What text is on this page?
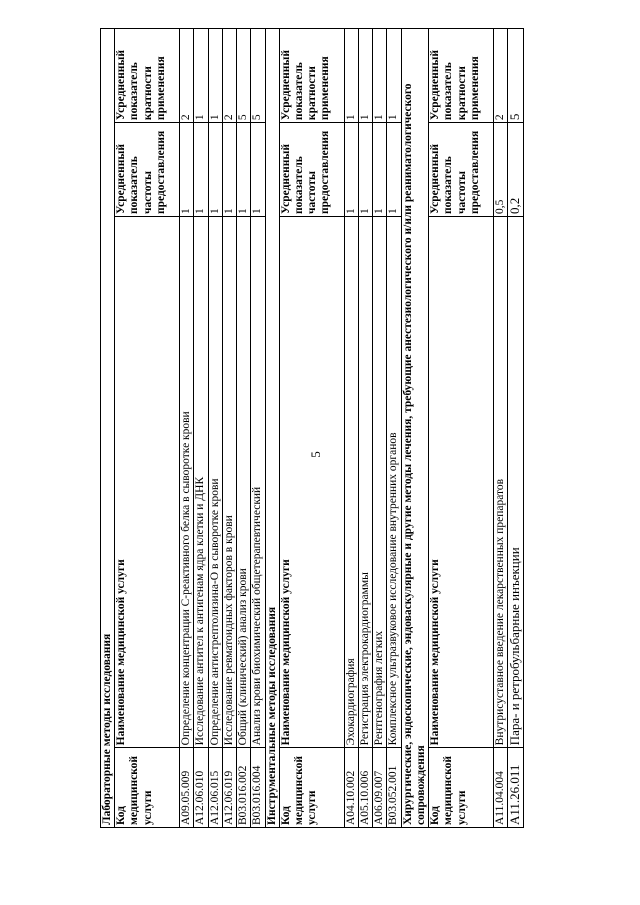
5
Лабораторные методы исследования			
Код медицинской услуги	Наименование медицинской услуги	Усредненный показатель частоты предоставления	Усредненный показатель кратности применения
A09.05.009	Определение концентрации C-реактивного белка в сыворотке крови	1	2
A12.06.010	Исследование антител к антигенам ядра клетки и ДНК	1	1
A12.06.015	Определение антистрептолизина-O в сыворотке крови	1	1
A12.06.019	Исследование ревматоидных факторов в крови	1	2
B03.016.002	Общий (клинический) анализ крови	1	5
B03.016.004	Анализ крови биохимический общетерапевтический	1	5
Инструментальные методы исследования			
Код медицинской услуги	Наименование медицинской услуги	Усредненный показатель частоты предоставления	Усредненный показатель кратности применения
A04.10.002	Эхокардиография	1	1
A05.10.006	Регистрация электрокардиограммы	1	1
A06.09.007	Рентгенография легких	1	1
B03.052.001	Комплексное ультразвуковое исследование внутренних органов	1	1
Хирургические, эндоскопические, эндоваскулярные и другие методы лечения, требующие анестезиологического и/или реаниматологического сопровождения			
Код медицинской услуги	Наименование медицинской услуги	Усредненный показатель частоты предоставления	Усредненный показатель кратности применения
A11.04.004	Внутрисуставное введение лекарственных препаратов	0,5	2
A11.26.011	Пара- и ретробульбарные инъекции	0,2	5
